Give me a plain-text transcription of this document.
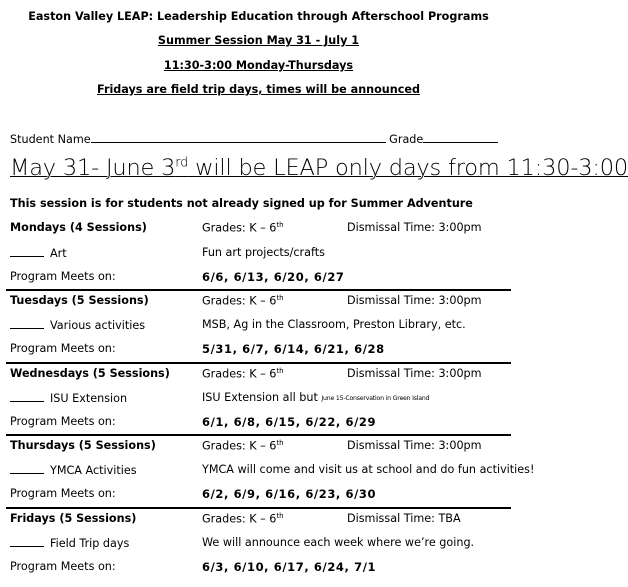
Easton Valley LEAP: Leadership Education through Afterschool Programs
Summer Session May 31 - July 1
11:30-3:00 Monday-Thursdays
Fridays are field trip days, times will be announced
Student Name	Grade
May 31- June 3rd will be LEAP only days from 11:30-3:00
This session is for students not already signed up for Summer Adventure
Mondays (4 Sessions)	Grades: K – 6th	Dismissal Time: 3:00pm
Art	Fun art projects/crafts
Program Meets on:	6/6, 6/13, 6/20, 6/27
Tuesdays (5 Sessions)	Grades: K – 6th	Dismissal Time: 3:00pm
Various activities	MSB, Ag in the Classroom, Preston Library, etc.
Program Meets on:	5/31, 6/7, 6/14, 6/21, 6/28
Wednesdays (5 Sessions)	Grades: K – 6th	Dismissal Time: 3:00pm
ISU Extension	ISU Extension all but June 15-Conservation in Green Island
Program Meets on:	6/1, 6/8, 6/15, 6/22, 6/29
Thursdays (5 Sessions)	Grades: K – 6th	Dismissal Time: 3:00pm
YMCA Activities	YMCA will come and visit us at school and do fun activities!
Program Meets on:	6/2, 6/9, 6/16, 6/23, 6/30
Fridays (5 Sessions)	Grades: K – 6th	Dismissal Time: TBA
Field Trip days	We will announce each week where we’re going.
Program Meets on:	6/3, 6/10, 6/17, 6/24, 7/1
